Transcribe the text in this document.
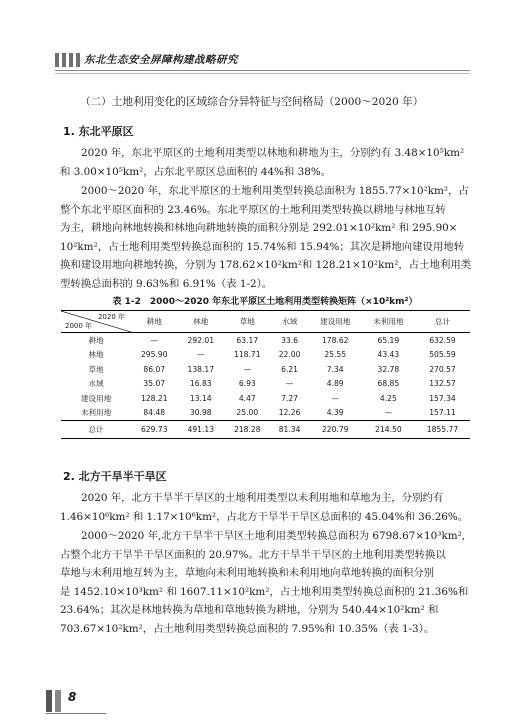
东北生态安全屏障构建战略研究
（二）土地利用变化的区域综合分异特征与空间格局（2000～2020 年）
1. 东北平原区
2020 年，东北平原区的土地利用类型以林地和耕地为主，分别约有 3.48×10⁵km²
和 3.00×10⁵km²，占东北平原区总面积的 44%和 38%。
2000～2020 年，东北平原区的土地利用类型转换总面积为 1855.77×10²km²，占
整个东北平原区面积的 23.46%。东北平原区的土地利用类型转换以耕地与林地互转
为主，耕地向林地转换和林地向耕地转换的面积分别是 292.01×10²km² 和 295.90×
10²km²，占土地利用类型转换总面积的 15.74%和 15.94%；其次是耕地向建设用地转
换和建设用地向耕地转换，分别为 178.62×10²km²和 128.21×10²km²，占土地利用类
型转换总面积的 9.63%和 6.91%（表 1-2）。
表 1-2　2000～2020 年东北平原区土地利用类型转换矩阵（×10²km²）
2020 年
2000 年	耕地	林地	草地	水域	建设用地	未利用地	总计
耕地	—	292.01	63.17	33.6	178.62	65.19	632.59
林地	295.90	—	118.71	22.00	25.55	43.43	505.59
草地	86.07	138.17	—	6.21	7.34	32.78	270.57
水域	35.07	16.83	6.93	—	4.89	68.85	132.57
建设用地	128.21	13.14	4.47	7.27	—	4.25	157.34
未利用地	84.48	30.98	25.00	12.26	4.39	—	157.11
总计	629.73	491.13	218.28	81.34	220.79	214.50	1855.77
2. 北方干旱半干旱区
2020 年，北方干旱半干旱区的土地利用类型以未利用地和草地为主，分别约有
1.46×10⁶km² 和 1.17×10⁶km²，占北方干旱半干旱区总面积的 45.04%和 36.26%。
2000～2020 年,北方干旱半干旱区土地利用类型转换总面积为 6798.67×10³km²,
占整个北方干旱半干旱区面积的 20.97%。北方干旱半干旱区的土地利用类型转换以
草地与未利用地互转为主，草地向未利用地转换和未利用地向草地转换的面积分别
是 1452.10×10³km² 和 1607.11×10²km²，占土地利用类型转换总面积的 21.36%和
23.64%；其次是林地转换为草地和草地转换为耕地，分别为 540.44×10²km² 和
703.67×10²km²，占土地利用类型转换总面积的 7.95%和 10.35%（表 1-3）。
8
